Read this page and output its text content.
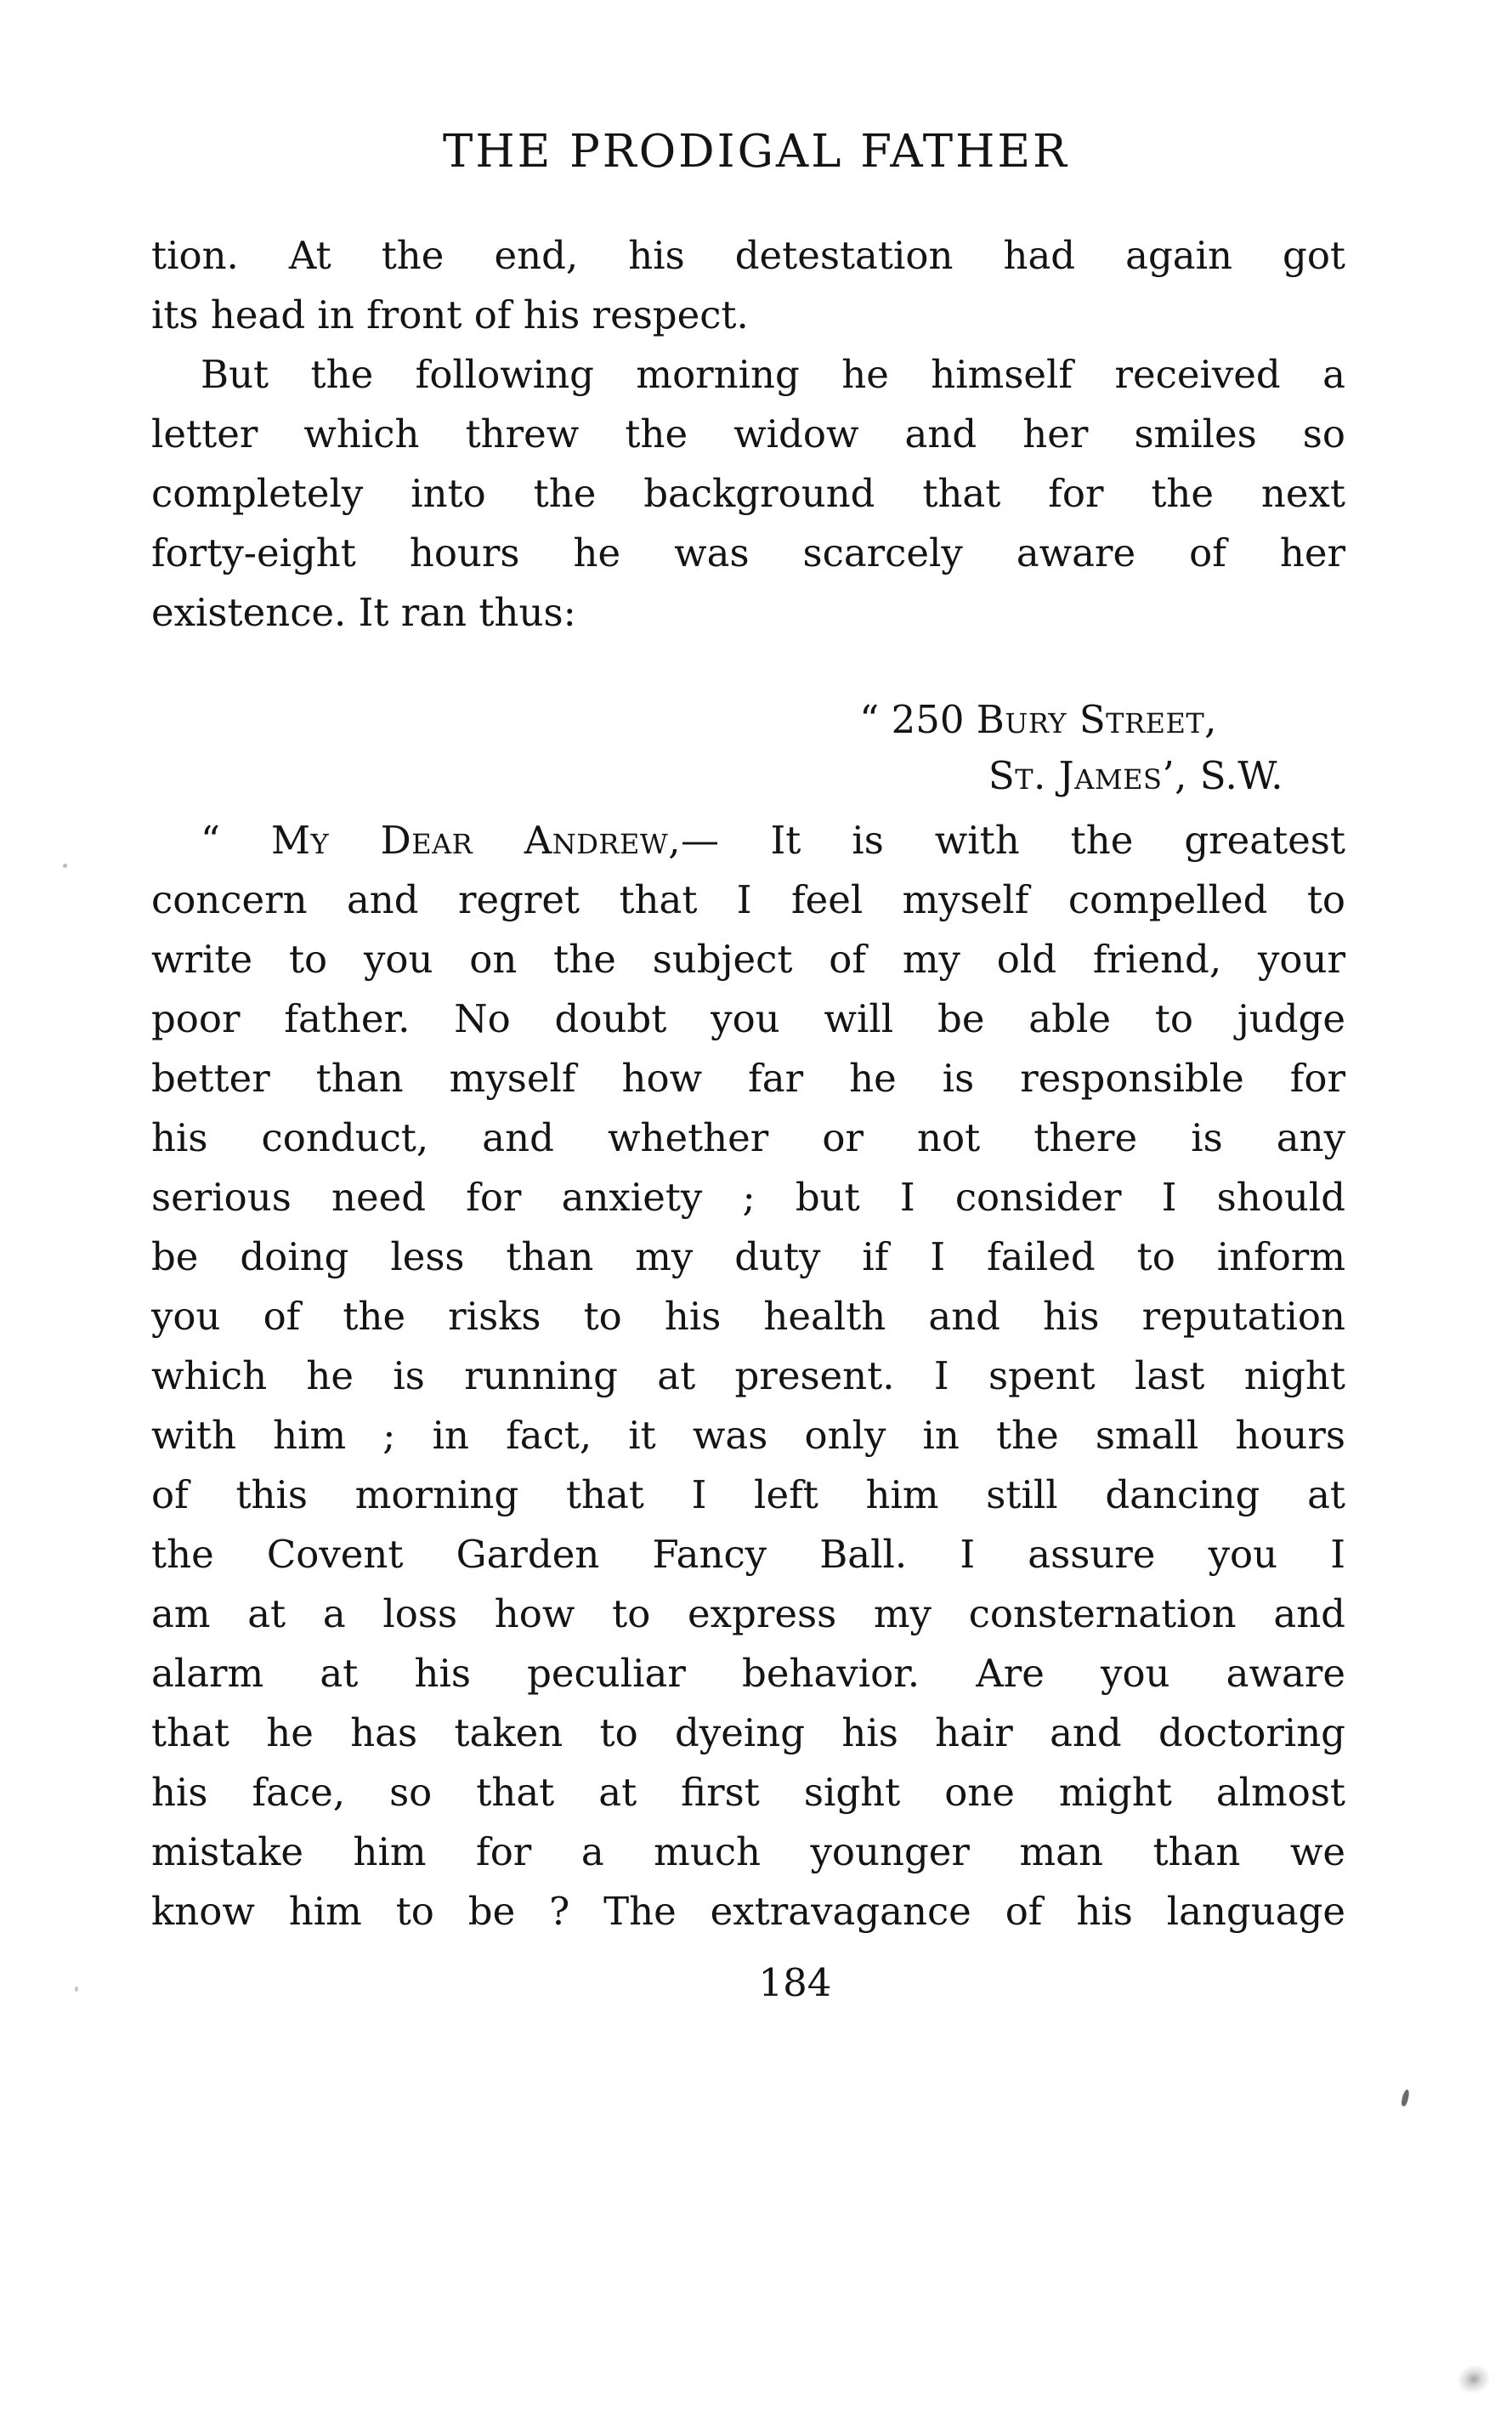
THE PRODIGAL FATHER
tion. At the end, his detestation had again got
its head in front of his respect.
But the following morning he himself received a
letter which threw the widow and her smiles so
completely into the background that for the next
forty-eight hours he was scarcely aware of her
existence. It ran thus:
“ 250 Bury Street,
St. James’, S.W.
“ My Dear Andrew,— It is with the greatest
concern and regret that I feel myself compelled to
write to you on the subject of my old friend, your
poor father. No doubt you will be able to judge
better than myself how far he is responsible for
his conduct, and whether or not there is any
serious need for anxiety ; but I consider I should
be doing less than my duty if I failed to inform
you of the risks to his health and his reputation
which he is running at present. I spent last night
with him ; in fact, it was only in the small hours
of this morning that I left him still dancing at
the Covent Garden Fancy Ball. I assure you I
am at a loss how to express my consternation and
alarm at his peculiar behavior. Are you aware
that he has taken to dyeing his hair and doctoring
his face, so that at first sight one might almost
mistake him for a much younger man than we
know him to be ? The extravagance of his language
184
